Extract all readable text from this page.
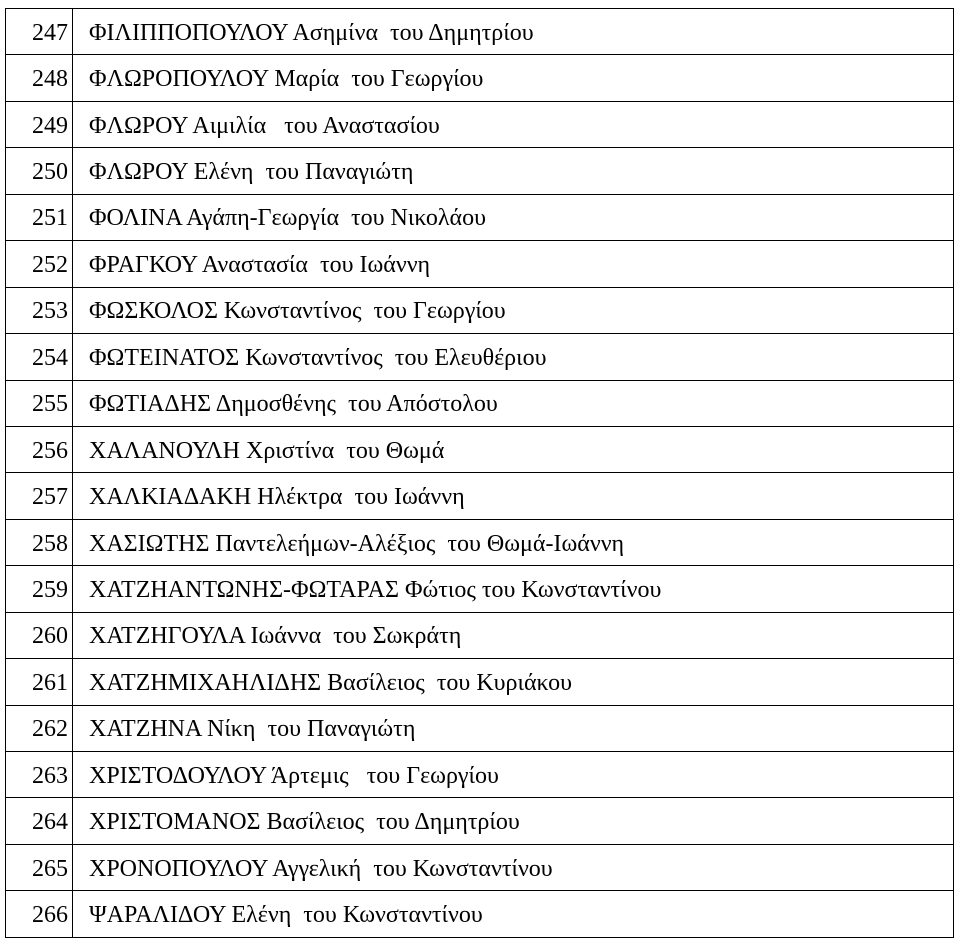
247	ΦΙΛΙΠΠΟΠΟΥΛΟΥ Ασημίνα  του Δημητρίου
248	ΦΛΩΡΟΠΟΥΛΟΥ Μαρία  του Γεωργίου
249	ΦΛΩΡΟΥ Αιμιλία   του Αναστασίου
250	ΦΛΩΡΟΥ Ελένη  του Παναγιώτη
251	ΦΟΛΙΝΑ Αγάπη-Γεωργία  του Νικολάου
252	ΦΡΑΓΚΟΥ Αναστασία  του Ιωάννη
253	ΦΩΣΚΟΛΟΣ Κωνσταντίνος  του Γεωργίου
254	ΦΩΤΕΙΝΑΤΟΣ Κωνσταντίνος  του Ελευθέριου
255	ΦΩΤΙΑΔΗΣ Δημοσθένης  του Απόστολου
256	ΧΑΛΑΝΟΥΛΗ Χριστίνα  του Θωμά
257	ΧΑΛΚΙΑΔΑΚΗ Ηλέκτρα  του Ιωάννη
258	ΧΑΣΙΩΤΗΣ Παντελεήμων-Αλέξιος  του Θωμά-Ιωάννη
259	ΧΑΤΖΗΑΝΤΩΝΗΣ-ΦΩΤΑΡΑΣ Φώτιος του Κωνσταντίνου
260	ΧΑΤΖΗΓΟΥΛΑ Ιωάννα  του Σωκράτη
261	ΧΑΤΖΗΜΙΧΑΗΛΙΔΗΣ Βασίλειος  του Κυριάκου
262	ΧΑΤΖΗΝΑ Νίκη  του Παναγιώτη
263	ΧΡΙΣΤΟΔΟΥΛΟΥ Άρτεμις   του Γεωργίου
264	ΧΡΙΣΤΟΜΑΝΟΣ Βασίλειος  του Δημητρίου
265	ΧΡΟΝΟΠΟΥΛΟΥ Αγγελική  του Κωνσταντίνου
266	ΨΑΡΑΛΙΔΟΥ Ελένη  του Κωνσταντίνου
